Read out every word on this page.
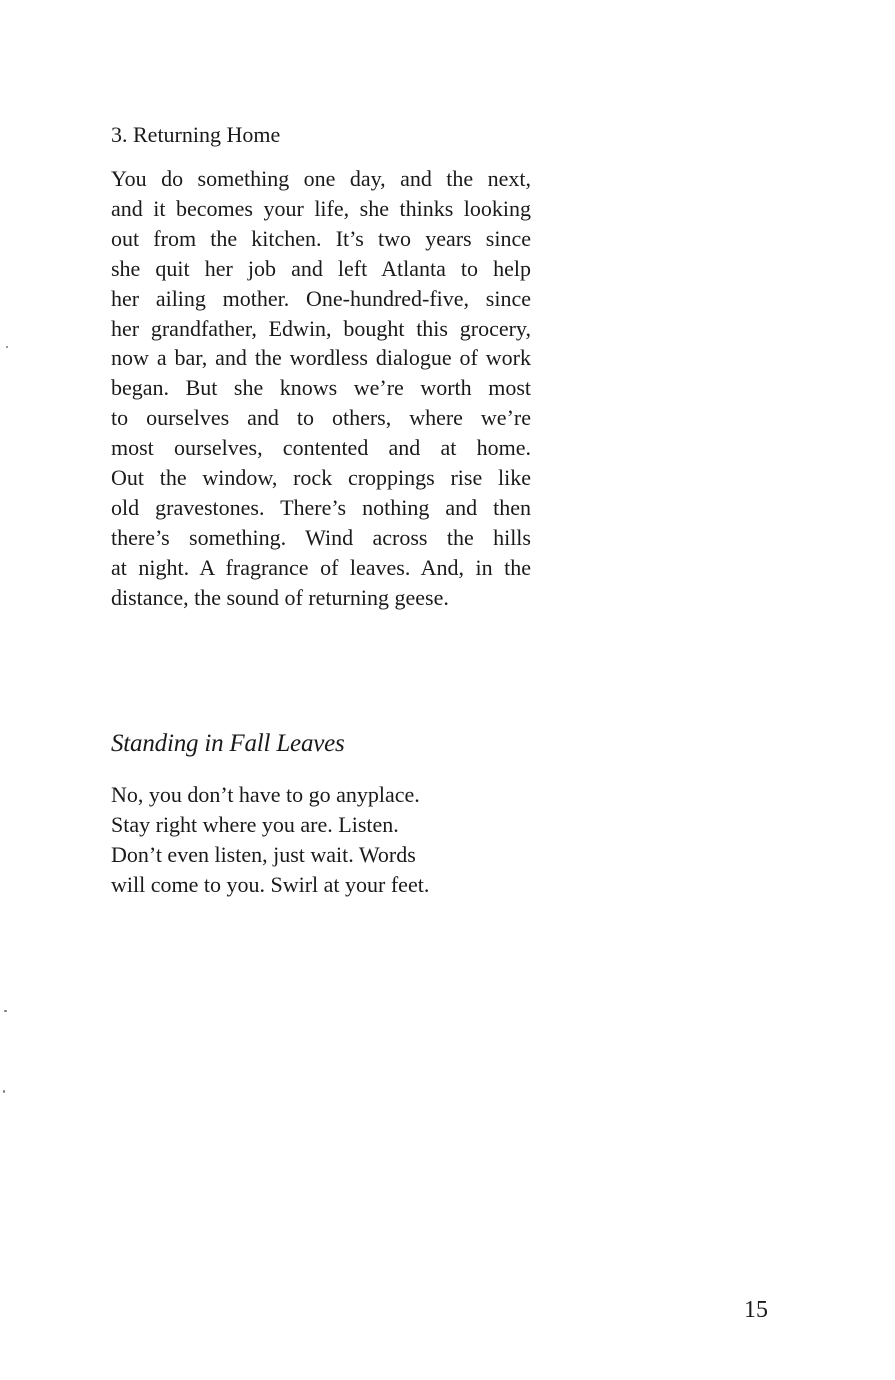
3. Returning Home

You do something one day, and the next,
and it becomes your life, she thinks looking
out from the kitchen. It’s two years since
she quit her job and left Atlanta to help
her ailing mother. One-hundred-five, since
her grandfather, Edwin, bought this grocery,
now a bar, and the wordless dialogue of work
began. But she knows we’re worth most
to ourselves and to others, where we’re
most ourselves, contented and at home.
Out the window, rock croppings rise like
old gravestones. There’s nothing and then
there’s something. Wind across the hills
at night. A fragrance of leaves. And, in the
distance, the sound of returning geese.

Standing in Fall Leaves

No, you don’t have to go anyplace.
Stay right where you are. Listen.
Don’t even listen, just wait. Words
will come to you. Swirl at your feet.

15
